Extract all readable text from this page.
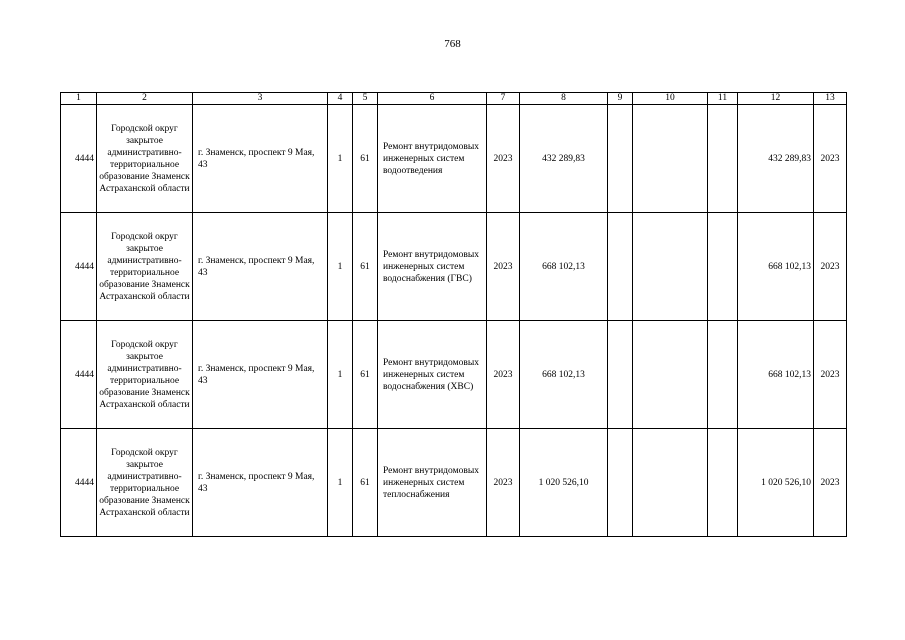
768
1	2	3	4	5	6	7	8	9	10	11	12	13
4444	Городской округ закрытое административно-территориальное образование Знаменск Астраханской области	г. Знаменск, проспект 9 Мая, 43	1	61	Ремонт внутридомовых инженерных систем водоотведения	2023	432 289,83				432 289,83	2023
4444	Городской округ закрытое административно-территориальное образование Знаменск Астраханской области	г. Знаменск, проспект 9 Мая, 43	1	61	Ремонт внутридомовых инженерных систем водоснабжения (ГВС)	2023	668 102,13				668 102,13	2023
4444	Городской округ закрытое административно-территориальное образование Знаменск Астраханской области	г. Знаменск, проспект 9 Мая, 43	1	61	Ремонт внутридомовых инженерных систем водоснабжения (ХВС)	2023	668 102,13				668 102,13	2023
4444	Городской округ закрытое административно-территориальное образование Знаменск Астраханской области	г. Знаменск, проспект 9 Мая, 43	1	61	Ремонт внутридомовых инженерных систем теплоснабжения	2023	1 020 526,10				1 020 526,10	2023
